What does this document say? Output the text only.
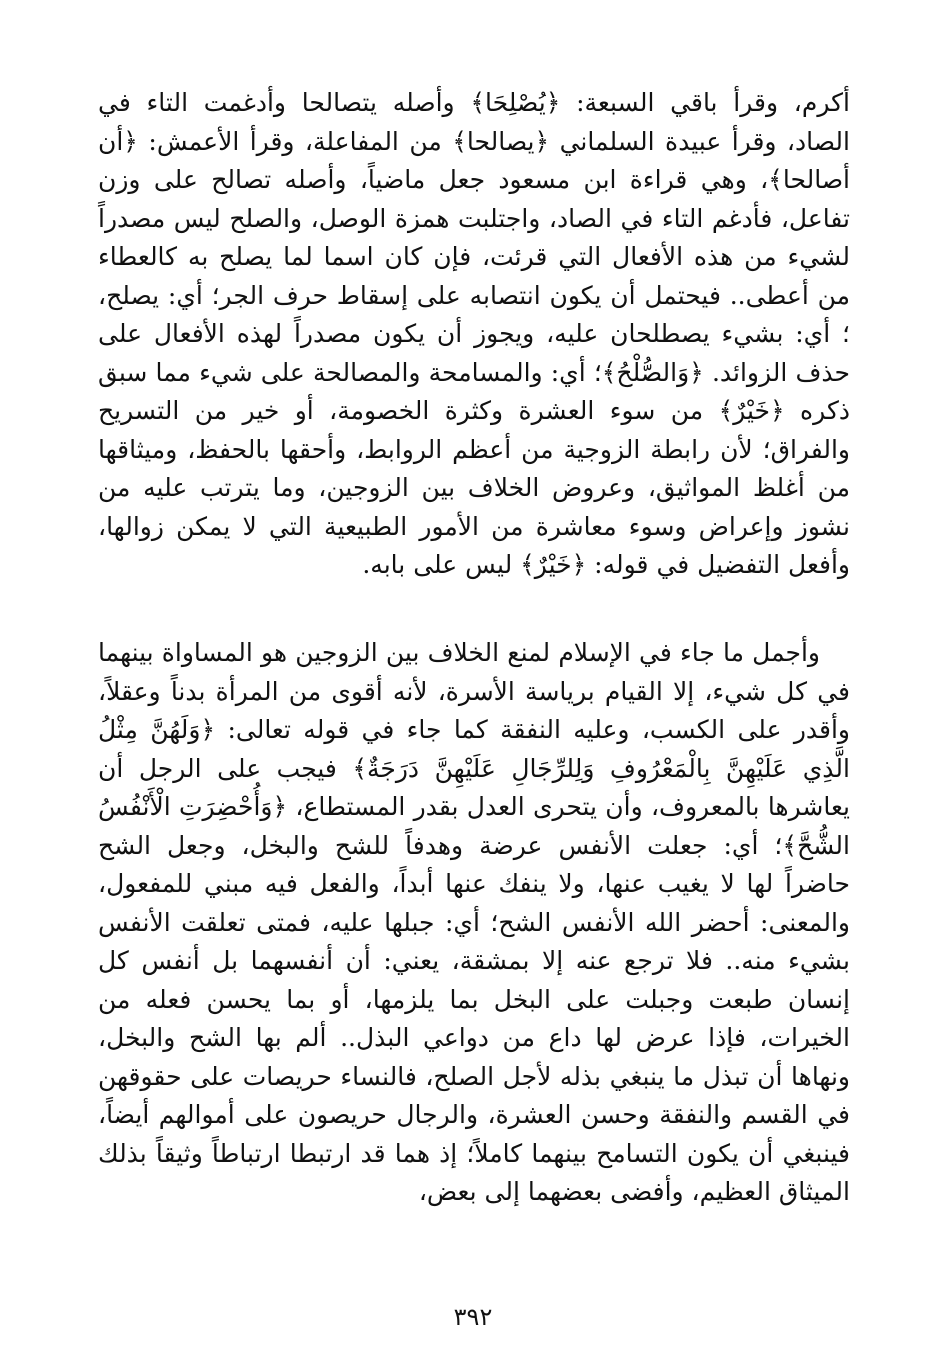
أكرم، وقرأ باقي السبعة: ﴿يُصْلِحَا﴾ وأصله يتصالحا وأدغمت التاء في الصاد، وقرأ عبيدة السلماني ﴿يصالحا﴾ من المفاعلة، وقرأ الأعمش: ﴿أن أصالحا﴾، وهي قراءة ابن مسعود جعل ماضياً، وأصله تصالح على وزن تفاعل، فأدغم التاء في الصاد، واجتلبت همزة الوصل، والصلح ليس مصدراً لشيء من هذه الأفعال التي قرئت، فإن كان اسما لما يصلح به كالعطاء من أعطى.. فيحتمل أن يكون انتصابه على إسقاط حرف الجر؛ أي: يصلح، ؛ أي: بشيء يصطلحان عليه، ويجوز أن يكون مصدراً لهذه الأفعال على حذف الزوائد. ﴿وَالصُّلْحُ﴾؛ أي: والمسامحة والمصالحة على شيء مما سبق ذكره ﴿خَيْرٌ﴾ من سوء العشرة وكثرة الخصومة، أو خير من التسريح والفراق؛ لأن رابطة الزوجية من أعظم الروابط، وأحقها بالحفظ، وميثاقها من أغلظ المواثيق، وعروض الخلاف بين الزوجين، وما يترتب عليه من نشوز وإعراض وسوء معاشرة من الأمور الطبيعية التي لا يمكن زوالها، وأفعل التفضيل في قوله: ﴿خَيْرٌ﴾ ليس على بابه.

وأجمل ما جاء في الإسلام لمنع الخلاف بين الزوجين هو المساواة بينهما في كل شيء، إلا القيام برياسة الأسرة، لأنه أقوى من المرأة بدناً وعقلاً، وأقدر على الكسب، وعليه النفقة كما جاء في قوله تعالى: ﴿وَلَهُنَّ مِثْلُ الَّذِي عَلَيْهِنَّ بِالْمَعْرُوفِ وَلِلرِّجَالِ عَلَيْهِنَّ دَرَجَةٌ﴾ فيجب على الرجل أن يعاشرها بالمعروف، وأن يتحرى العدل بقدر المستطاع، ﴿وَأُحْضِرَتِ الْأَنْفُسُ الشُّحَّ﴾؛ أي: جعلت الأنفس عرضة وهدفاً للشح والبخل، وجعل الشح حاضراً لها لا يغيب عنها، ولا ينفك عنها أبداً، والفعل فيه مبني للمفعول، والمعنى: أحضر الله الأنفس الشح؛ أي: جبلها عليه، فمتى تعلقت الأنفس بشيء منه.. فلا ترجع عنه إلا بمشقة، يعني: أن أنفسهما بل أنفس كل إنسان طبعت وجبلت على البخل بما يلزمها، أو بما يحسن فعله من الخيرات، فإذا عرض لها داع من دواعي البذل.. ألم بها الشح والبخل، ونهاها أن تبذل ما ينبغي بذله لأجل الصلح، فالنساء حريصات على حقوقهن في القسم والنفقة وحسن العشرة، والرجال حريصون على أموالهم أيضاً، فينبغي أن يكون التسامح بينهما كاملاً؛ إذ هما قد ارتبطا ارتباطاً وثيقاً بذلك الميثاق العظيم، وأفضى بعضهما إلى بعض،

٣٩٢
